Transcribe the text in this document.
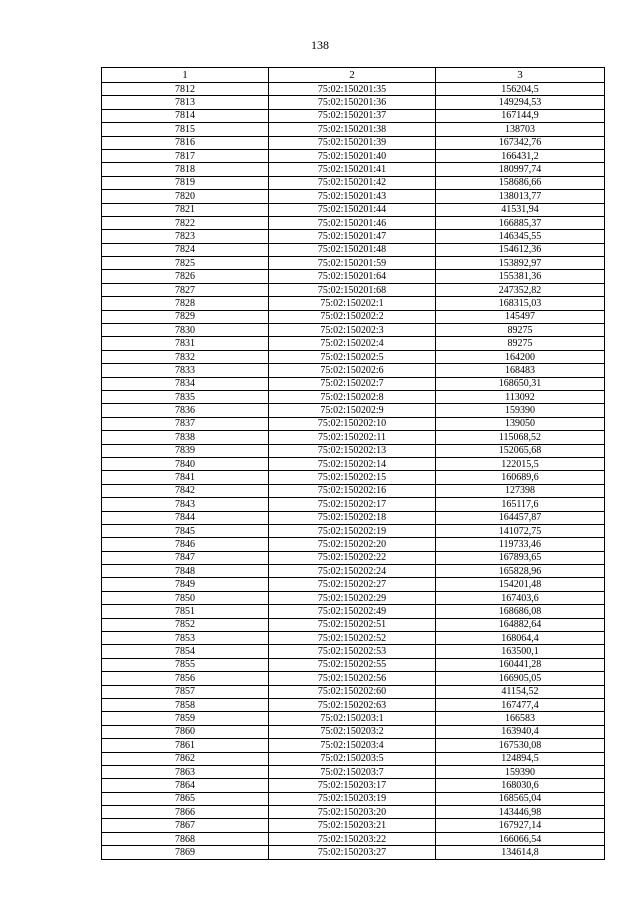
138
1	2	3
7812	75:02:150201:35	156204,5
7813	75:02:150201:36	149294,53
7814	75:02:150201:37	167144,9
7815	75:02:150201:38	138703
7816	75:02:150201:39	167342,76
7817	75:02:150201:40	166431,2
7818	75:02:150201:41	180997,74
7819	75:02:150201:42	158686,66
7820	75:02:150201:43	138013,77
7821	75:02:150201:44	41531,94
7822	75:02:150201:46	166885,37
7823	75:02:150201:47	146345,55
7824	75:02:150201:48	154612,36
7825	75:02:150201:59	153892,97
7826	75:02:150201:64	155381,36
7827	75:02:150201:68	247352,82
7828	75:02:150202:1	168315,03
7829	75:02:150202:2	145497
7830	75:02:150202:3	89275
7831	75:02:150202:4	89275
7832	75:02:150202:5	164200
7833	75:02:150202:6	168483
7834	75:02:150202:7	168650,31
7835	75:02:150202:8	113092
7836	75:02:150202:9	159390
7837	75:02:150202:10	139050
7838	75:02:150202:11	115068,52
7839	75:02:150202:13	152065,68
7840	75:02:150202:14	122015,5
7841	75:02:150202:15	160689,6
7842	75:02:150202:16	127398
7843	75:02:150202:17	165117,6
7844	75:02:150202:18	164457,87
7845	75:02:150202:19	141072,75
7846	75:02:150202:20	119733,46
7847	75:02:150202:22	167893,65
7848	75:02:150202:24	165828,96
7849	75:02:150202:27	154201,48
7850	75:02:150202:29	167403,6
7851	75:02:150202:49	168686,08
7852	75:02:150202:51	164882,64
7853	75:02:150202:52	168064,4
7854	75:02:150202:53	163500,1
7855	75:02:150202:55	160441,28
7856	75:02:150202:56	166905,05
7857	75:02:150202:60	41154,52
7858	75:02:150202:63	167477,4
7859	75:02:150203:1	166583
7860	75:02:150203:2	163940,4
7861	75:02:150203:4	167530,08
7862	75:02:150203:5	124894,5
7863	75:02:150203:7	159390
7864	75:02:150203:17	168030,6
7865	75:02:150203:19	168565,04
7866	75:02:150203:20	143446,98
7867	75:02:150203:21	167927,14
7868	75:02:150203:22	166066,54
7869	75:02:150203:27	134614,8
